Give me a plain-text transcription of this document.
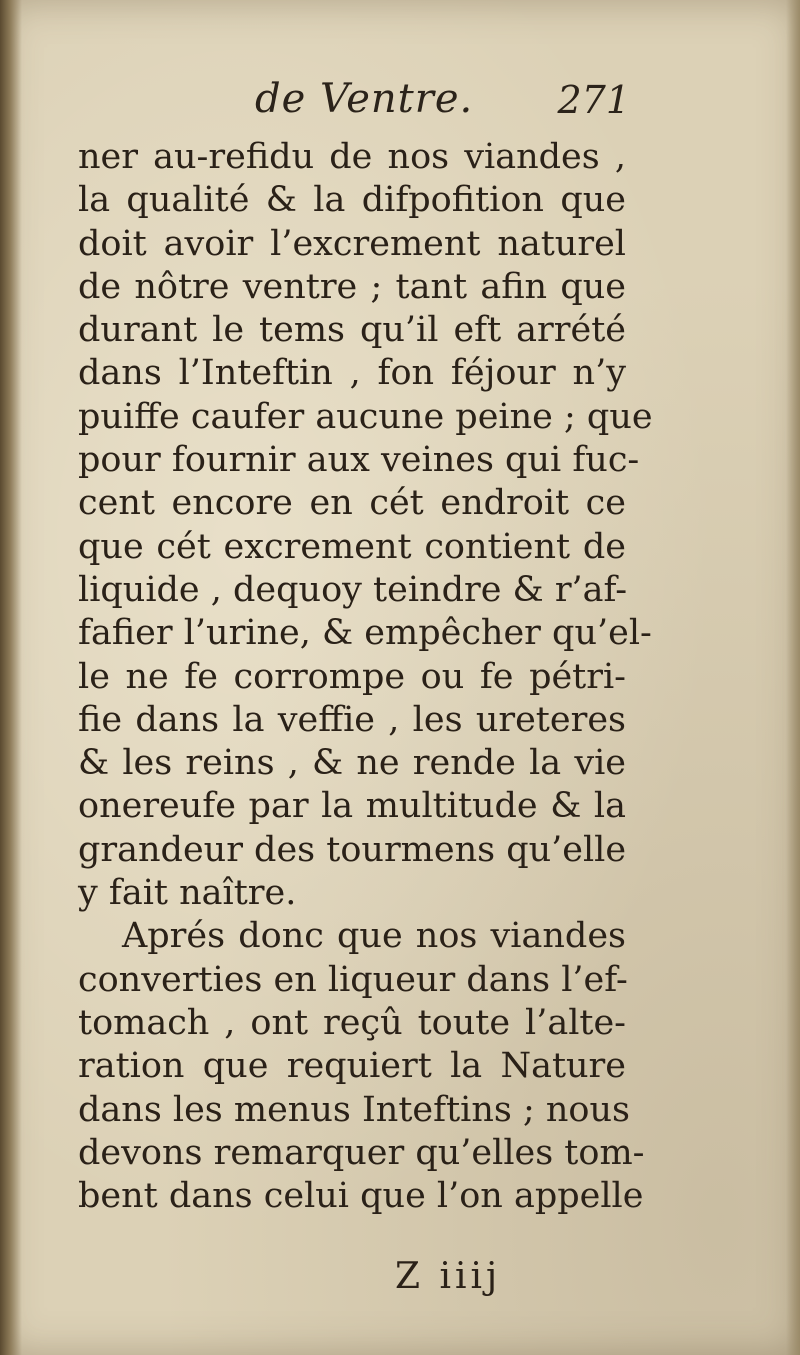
de Ventre. 271
ner au-refidu de nos viandes ,
la qualité & la difpofition que
doit avoir l’excrement naturel
de nôtre ventre ; tant afin que
durant le tems qu’il eft arrété
dans l’Inteftin , fon féjour n’y
puiffe caufer aucune peine ; que
pour fournir aux veines qui fuc-
cent encore en cét endroit ce
que cét excrement contient de
liquide , dequoy teindre & r’af-
fafier l’urine, & empêcher qu’el-
le ne fe corrompe ou fe pétri-
fie dans la veffie , les ureteres
& les reins , & ne rende la vie
onereufe par la multitude & la
grandeur des tourmens qu’elle
y fait naître.
Aprés donc que nos viandes
converties en liqueur dans l’ef-
tomach , ont reçû toute l’alte-
ration que requiert la Nature
dans les menus Inteftins ; nous
devons remarquer qu’elles tom-
bent dans celui que l’on appelle
Z iiij
